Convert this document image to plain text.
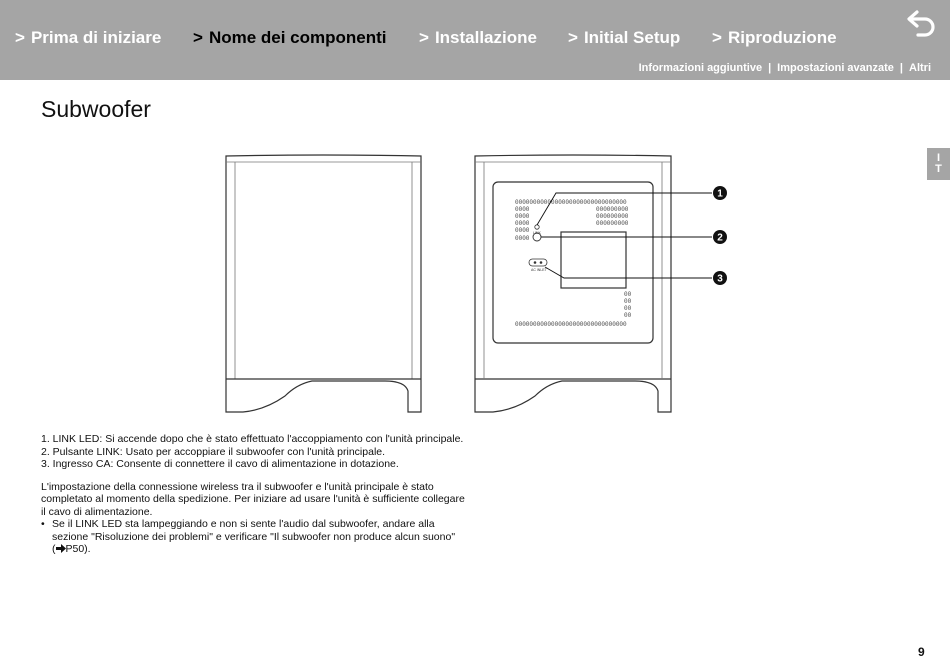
> Prima di iniziare > Nome dei componenti > Installazione > Initial Setup > Riproduzione
Informazioni aggiuntive | Impostazioni avanzate | Altri
I
T
Subwoofer
0000000000000000000000000000000
0000
0000
0000
0000
0000
000000000
000000000
000000000
00
00
00
00
0000000000000000000000000000000
LINK
AC INLET
1
2
3

1. LINK LED: Si accende dopo che è stato effettuato l'accoppiamento con l'unità principale.

2. Pulsante LINK: Usato per accoppiare il subwoofer con l'unità principale.

3. Ingresso CA: Consente di connettere il cavo di alimentazione in dotazione.

L'impostazione della connessione wireless tra il subwoofer e l'unità principale è stato

completato al momento della spedizione. Per iniziare ad usare l'unità è sufficiente collegare

il cavo di alimentazione.

• Se il LINK LED sta lampeggiando e non si sente l'audio dal subwoofer, andare alla

sezione "Risoluzione dei problemi" e verificare "Il subwoofer non produce alcun suono"

( P50).

9
